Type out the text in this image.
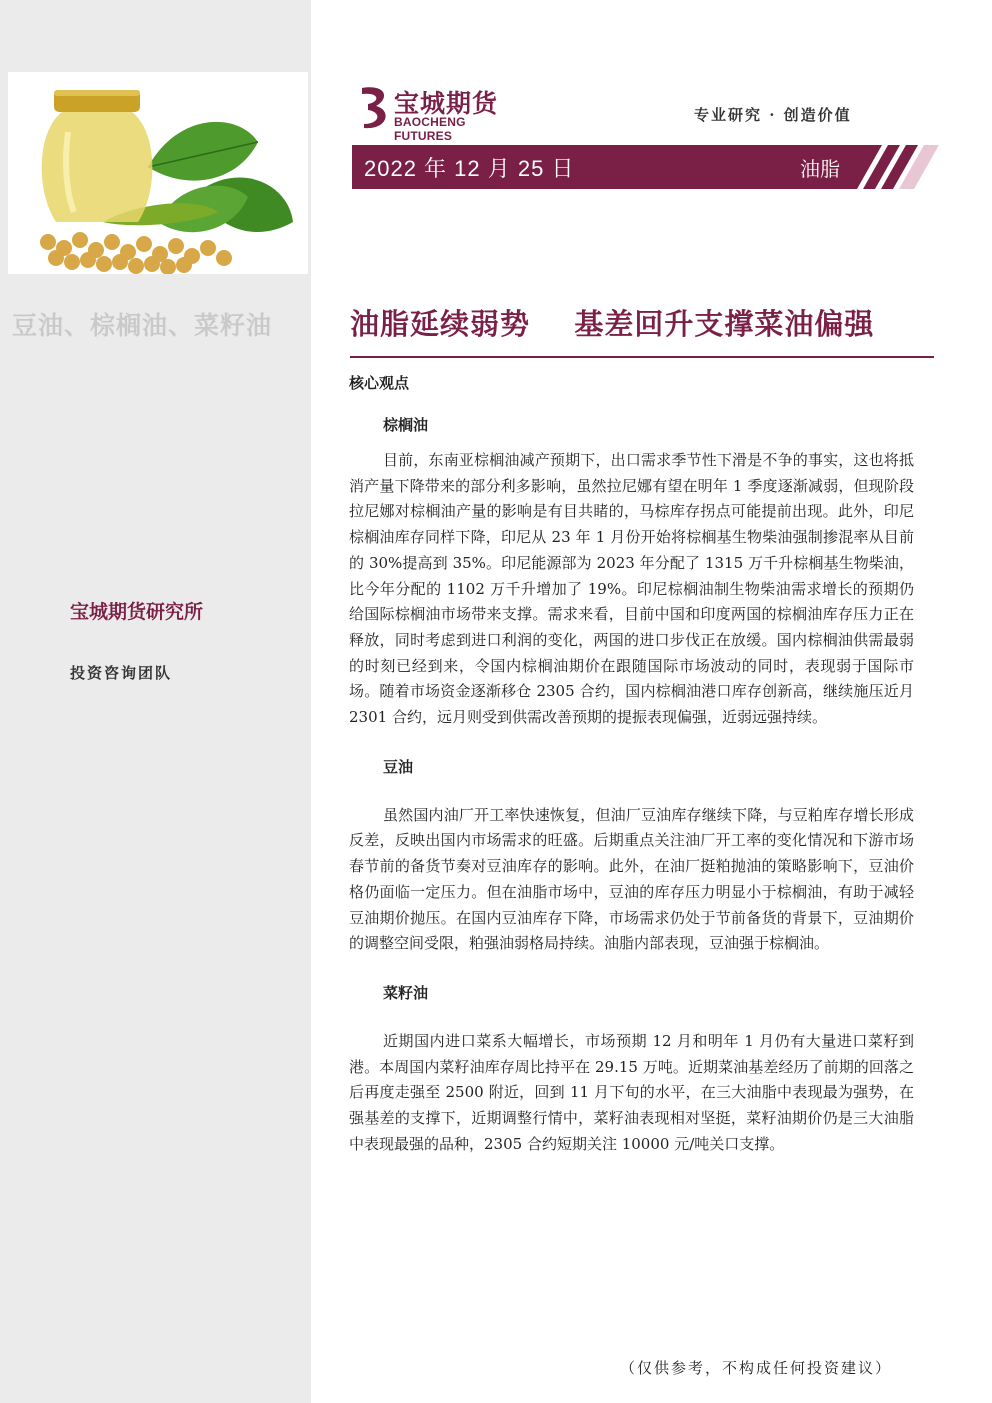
豆油、棕榈油、菜籽油
宝城期货研究所
投资咨询团队
宝城期货
BAOCHENG FUTURES
专业研究 · 创造价值
2022 年 12 月 25 日	油脂
油脂延续弱势    基差回升支撑菜油偏强
核心观点
棕榈油

目前，东南亚棕榈油减产预期下，出口需求季节性下滑是不争的事实，这也将抵消产量下降带来的部分利多影响，虽然拉尼娜有望在明年 1 季度逐渐减弱，但现阶段拉尼娜对棕榈油产量的影响是有目共睹的，马棕库存拐点可能提前出现。此外，印尼棕榈油库存同样下降，印尼从 23 年 1 月份开始将棕榈基生物柴油强制掺混率从目前的 30%提高到 35%。印尼能源部为 2023 年分配了 1315 万千升棕榈基生物柴油，比今年分配的 1102 万千升增加了 19%。印尼棕榈油制生物柴油需求增长的预期仍给国际棕榈油市场带来支撑。需求来看，目前中国和印度两国的棕榈油库存压力正在释放，同时考虑到进口利润的变化，两国的进口步伐正在放缓。国内棕榈油供需最弱的时刻已经到来，令国内棕榈油期价在跟随国际市场波动的同时，表现弱于国际市场。随着市场资金逐渐移仓 2305 合约，国内棕榈油港口库存创新高，继续施压近月 2301 合约，远月则受到供需改善预期的提振表现偏强，近弱远强持续。

豆油

虽然国内油厂开工率快速恢复，但油厂豆油库存继续下降，与豆粕库存增长形成反差，反映出国内市场需求的旺盛。后期重点关注油厂开工率的变化情况和下游市场春节前的备货节奏对豆油库存的影响。此外，在油厂挺粕抛油的策略影响下，豆油价格仍面临一定压力。但在油脂市场中，豆油的库存压力明显小于棕榈油，有助于减轻豆油期价抛压。在国内豆油库存下降，市场需求仍处于节前备货的背景下，豆油期价的调整空间受限，粕强油弱格局持续。油脂内部表现，豆油强于棕榈油。

菜籽油

近期国内进口菜系大幅增长，市场预期 12 月和明年 1 月仍有大量进口菜籽到港。本周国内菜籽油库存周比持平在 29.15 万吨。近期菜油基差经历了前期的回落之后再度走强至 2500 附近，回到 11 月下旬的水平，在三大油脂中表现最为强势，在强基差的支撑下，近期调整行情中，菜籽油表现相对坚挺，菜籽油期价仍是三大油脂中表现最强的品种，2305 合约短期关注 10000 元/吨关口支撑。

（仅供参考，不构成任何投资建议）
